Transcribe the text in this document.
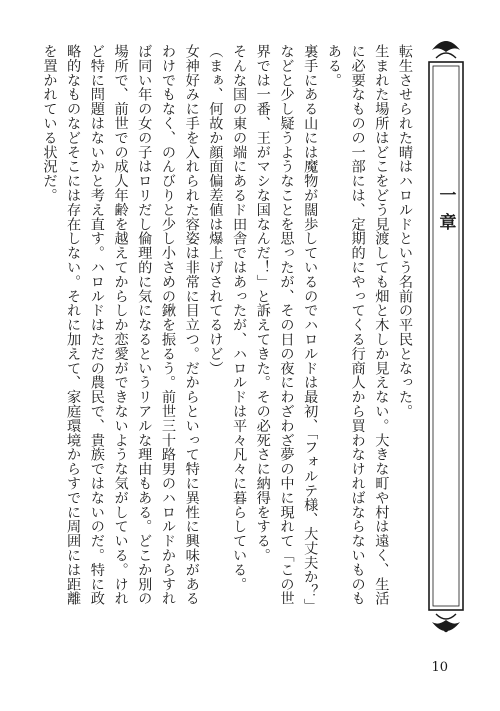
一章

転生させられた晴はハロルドという名前の平民となった。

生まれた場所はどこをどう見渡しても畑と木しか見えない。大きな町や村は遠く、生活に必要なものの一部には、定期的にやってくる行商人から買わなければならないものもある。

裏手にある山には魔物が闊歩しているのでハロルドは最初、「フォルテ様、大丈夫か？」などと少し疑うようなことを思ったが、その日の夜にわざわざ夢の中に現れて「この世界では一番、王がマシな国なんだ！」と訴えてきた。その必死さに納得をする。

そんな国の東の端にあるド田舎ではあったが、ハロルドは平々凡々に暮らしている。

（まぁ、何故か顔面偏差値は爆上げされてるけど）

女神好みに手を入れられた容姿は非常に目立つ。だからといって特に異性に興味があるわけでもなく、のんびりと少し小さめの鍬を振るう。前世三十路男のハロルドからすれば同い年の女の子はロリだし倫理的に気になるというリアルな理由もある。どこか別の場所で、前世での成人年齢を越えてからしか恋愛ができないような気がしている。けれど特に問題はないかと考え直す。ハロルドはただの農民で、貴族ではないのだ。特に政略的なものなどそこには存在しない。それに加えて、家庭環境からすでに周囲には距離を置かれている状況だ。

10
